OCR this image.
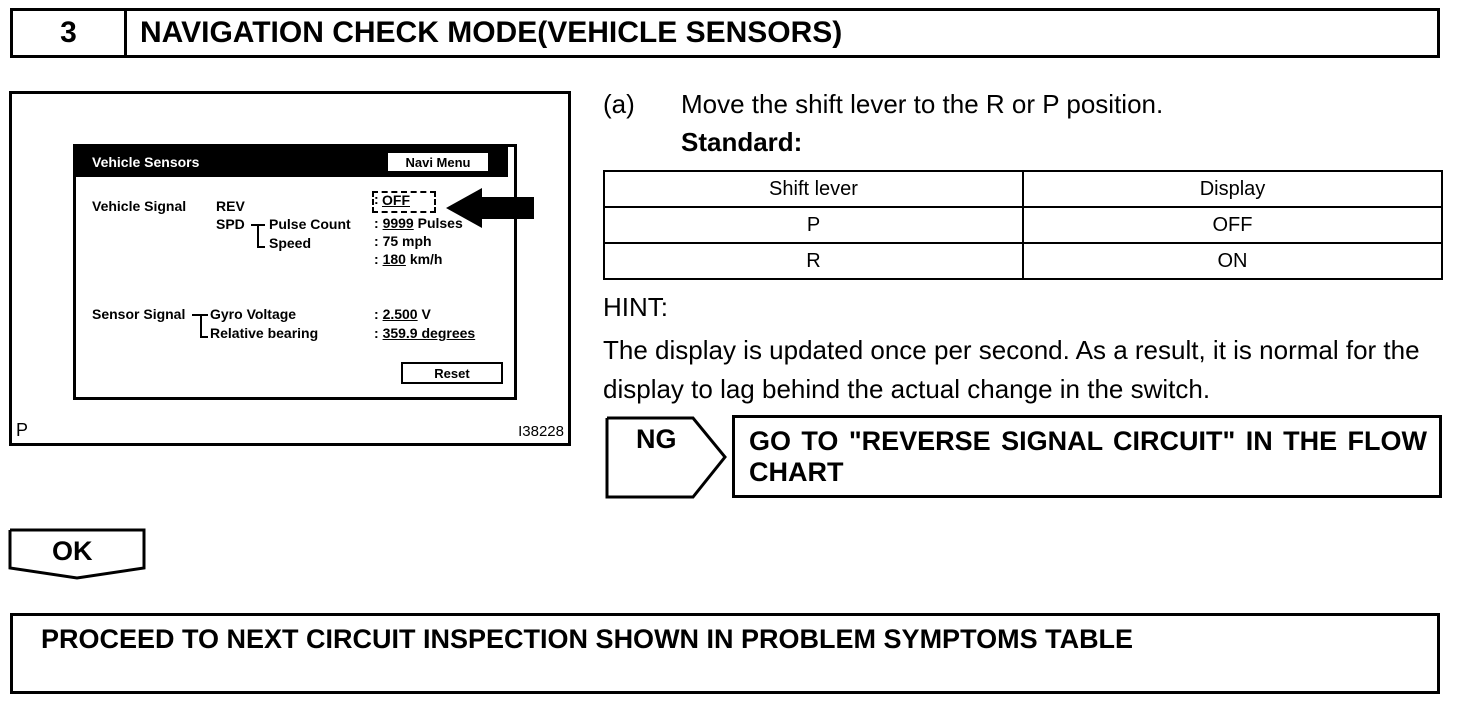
3	NAVIGATION CHECK MODE(VEHICLE SENSORS)
Vehicle Sensors	Navi Menu
Vehicle Signal REV
SPD Pulse Count
Speed
: OFF
: 9999 Pulses
: 75 mph
: 180 km/h
Sensor Signal Gyro Voltage
Relative bearing
: 2.500 V
: 359.9 degrees
Reset
P	I38228
(a) Move the shift lever to the R or P position.
Standard:
Shift lever	Display
P	OFF
R	ON
HINT:
The display is updated once per second. As a result, it is normal for the display to lag behind the actual change in the switch.
NG	GO TO "REVERSE SIGNAL CIRCUIT" IN THE FLOW CHART
OK
PROCEED TO NEXT CIRCUIT INSPECTION SHOWN IN PROBLEM SYMPTOMS TABLE
